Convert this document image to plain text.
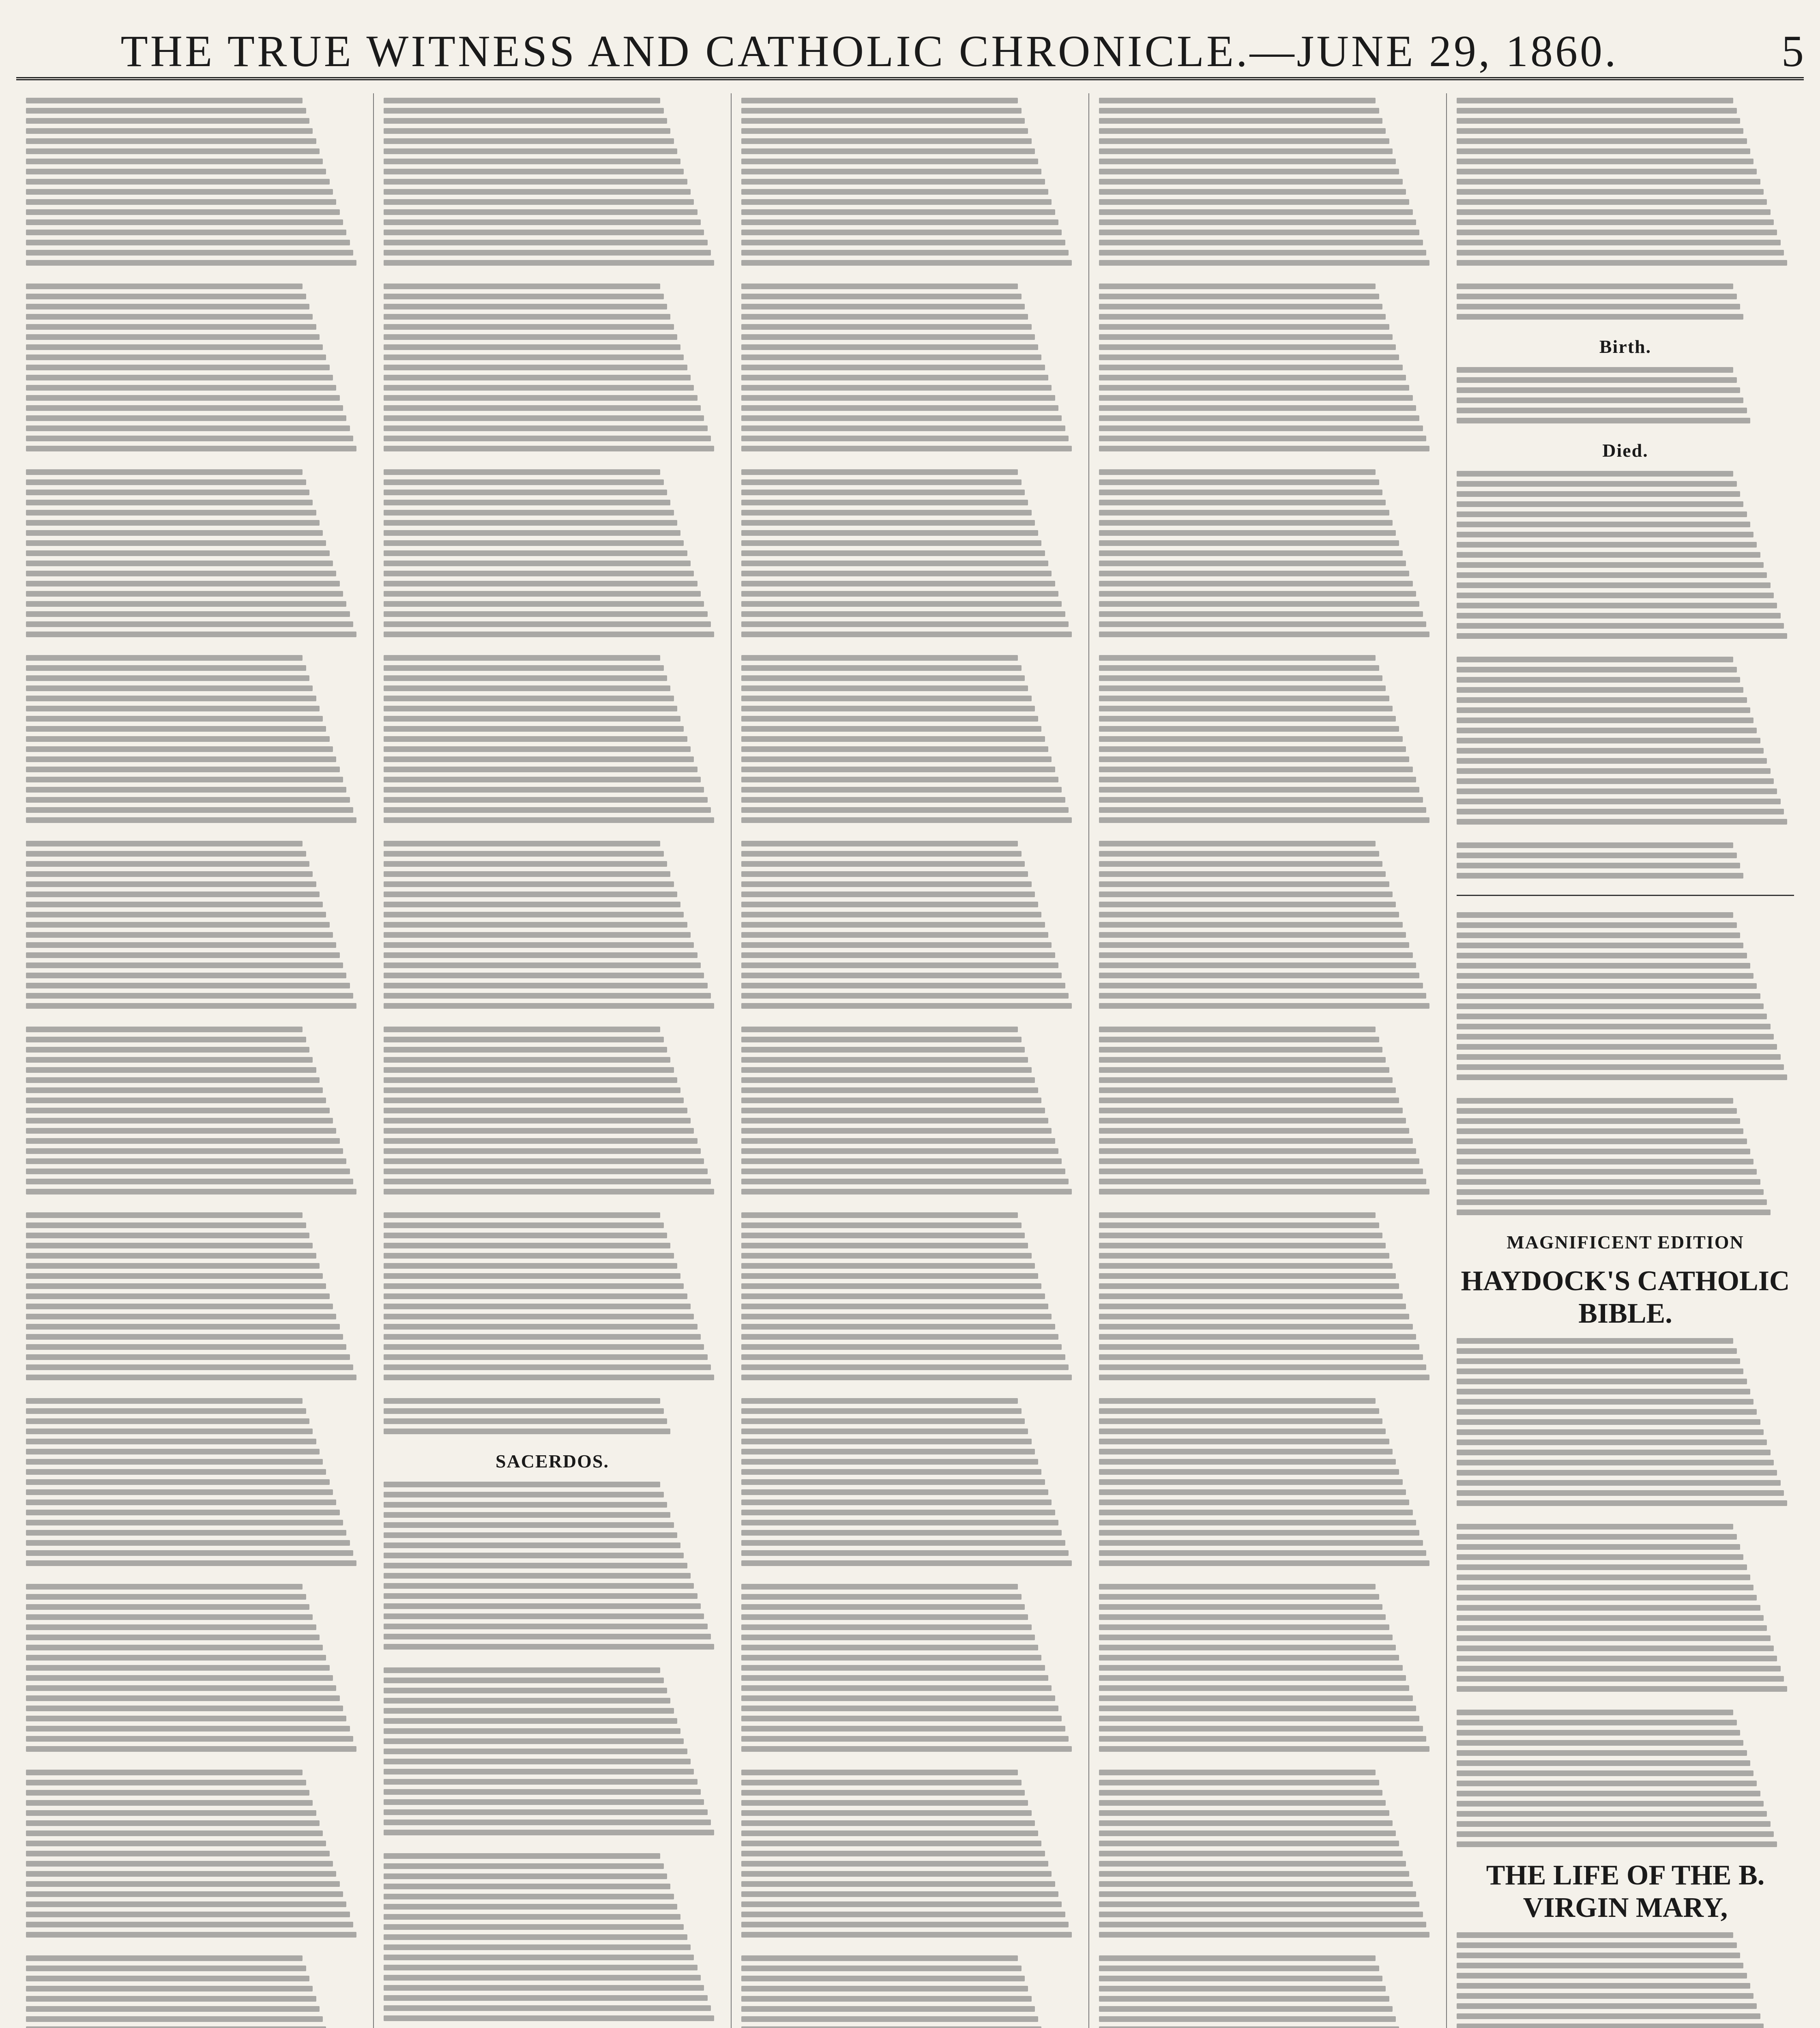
THE TRUE WITNESS AND CATHOLIC CHRONICLE.—JUNE 29, 1860.	5
SACERDOS.
Birth.
Died.
MAGNIFICENT EDITION
HAYDOCK'S CATHOLIC BIBLE.
THE LIFE OF THE B. VIRGIN MARY,
